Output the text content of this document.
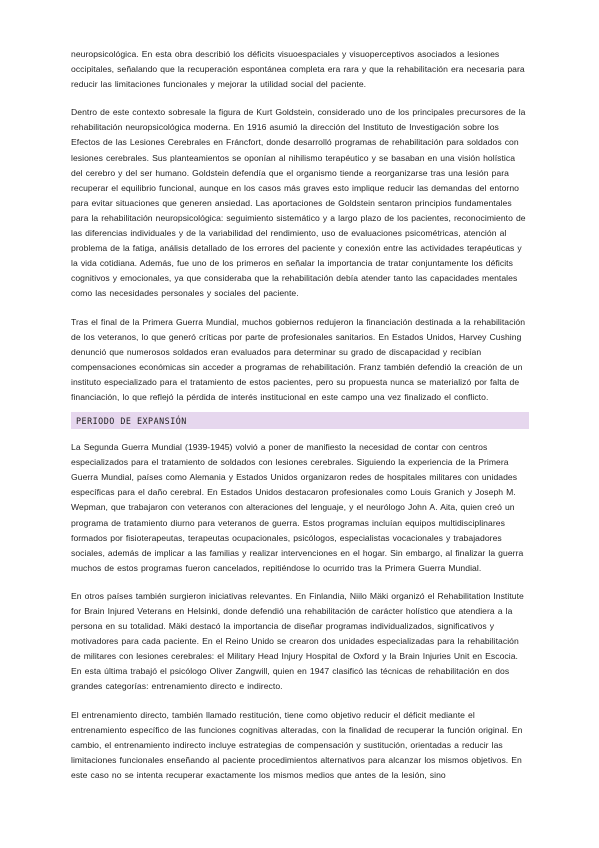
neuropsicológica. En esta obra describió los déficits visuoespaciales y visuoperceptivos asociados a lesiones occipitales, señalando que la recuperación espontánea completa era rara y que la rehabilitación era necesaria para reducir las limitaciones funcionales y mejorar la utilidad social del paciente.

Dentro de este contexto sobresale la figura de Kurt Goldstein, considerado uno de los principales precursores de la rehabilitación neuropsicológica moderna. En 1916 asumió la dirección del Instituto de Investigación sobre los Efectos de las Lesiones Cerebrales en Fráncfort, donde desarrolló programas de rehabilitación para soldados con lesiones cerebrales. Sus planteamientos se oponían al nihilismo terapéutico y se basaban en una visión holística del cerebro y del ser humano. Goldstein defendía que el organismo tiende a reorganizarse tras una lesión para recuperar el equilibrio funcional, aunque en los casos más graves esto implique reducir las demandas del entorno para evitar situaciones que generen ansiedad. Las aportaciones de Goldstein sentaron principios fundamentales para la rehabilitación neuropsicológica: seguimiento sistemático y a largo plazo de los pacientes, reconocimiento de las diferencias individuales y de la variabilidad del rendimiento, uso de evaluaciones psicométricas, atención al problema de la fatiga, análisis detallado de los errores del paciente y conexión entre las actividades terapéuticas y la vida cotidiana. Además, fue uno de los primeros en señalar la importancia de tratar conjuntamente los déficits cognitivos y emocionales, ya que consideraba que la rehabilitación debía atender tanto las capacidades mentales como las necesidades personales y sociales del paciente.

Tras el final de la Primera Guerra Mundial, muchos gobiernos redujeron la financiación destinada a la rehabilitación de los veteranos, lo que generó críticas por parte de profesionales sanitarios. En Estados Unidos, Harvey Cushing denunció que numerosos soldados eran evaluados para determinar su grado de discapacidad y recibían compensaciones económicas sin acceder a programas de rehabilitación. Franz también defendió la creación de un instituto especializado para el tratamiento de estos pacientes, pero su propuesta nunca se materializó por falta de financiación, lo que reflejó la pérdida de interés institucional en este campo una vez finalizado el conflicto.

PERIODO DE EXPANSIÓN

La Segunda Guerra Mundial (1939-1945) volvió a poner de manifiesto la necesidad de contar con centros especializados para el tratamiento de soldados con lesiones cerebrales. Siguiendo la experiencia de la Primera Guerra Mundial, países como Alemania y Estados Unidos organizaron redes de hospitales militares con unidades específicas para el daño cerebral. En Estados Unidos destacaron profesionales como Louis Granich y Joseph M. Wepman, que trabajaron con veteranos con alteraciones del lenguaje, y el neurólogo John A. Aita, quien creó un programa de tratamiento diurno para veteranos de guerra. Estos programas incluían equipos multidisciplinares formados por fisioterapeutas, terapeutas ocupacionales, psicólogos, especialistas vocacionales y trabajadores sociales, además de implicar a las familias y realizar intervenciones en el hogar. Sin embargo, al finalizar la guerra muchos de estos programas fueron cancelados, repitiéndose lo ocurrido tras la Primera Guerra Mundial.

En otros países también surgieron iniciativas relevantes. En Finlandia, Niilo Mäki organizó el Rehabilitation Institute for Brain Injured Veterans en Helsinki, donde defendió una rehabilitación de carácter holístico que atendiera a la persona en su totalidad. Mäki destacó la importancia de diseñar programas individualizados, significativos y motivadores para cada paciente. En el Reino Unido se crearon dos unidades especializadas para la rehabilitación de militares con lesiones cerebrales: el Military Head Injury Hospital de Oxford y la Brain Injuries Unit en Escocia. En esta última trabajó el psicólogo Oliver Zangwill, quien en 1947 clasificó las técnicas de rehabilitación en dos grandes categorías: entrenamiento directo e indirecto.

El entrenamiento directo, también llamado restitución, tiene como objetivo reducir el déficit mediante el entrenamiento específico de las funciones cognitivas alteradas, con la finalidad de recuperar la función original. En cambio, el entrenamiento indirecto incluye estrategias de compensación y sustitución, orientadas a reducir las limitaciones funcionales enseñando al paciente procedimientos alternativos para alcanzar los mismos objetivos. En este caso no se intenta recuperar exactamente los mismos medios que antes de la lesión, sino
